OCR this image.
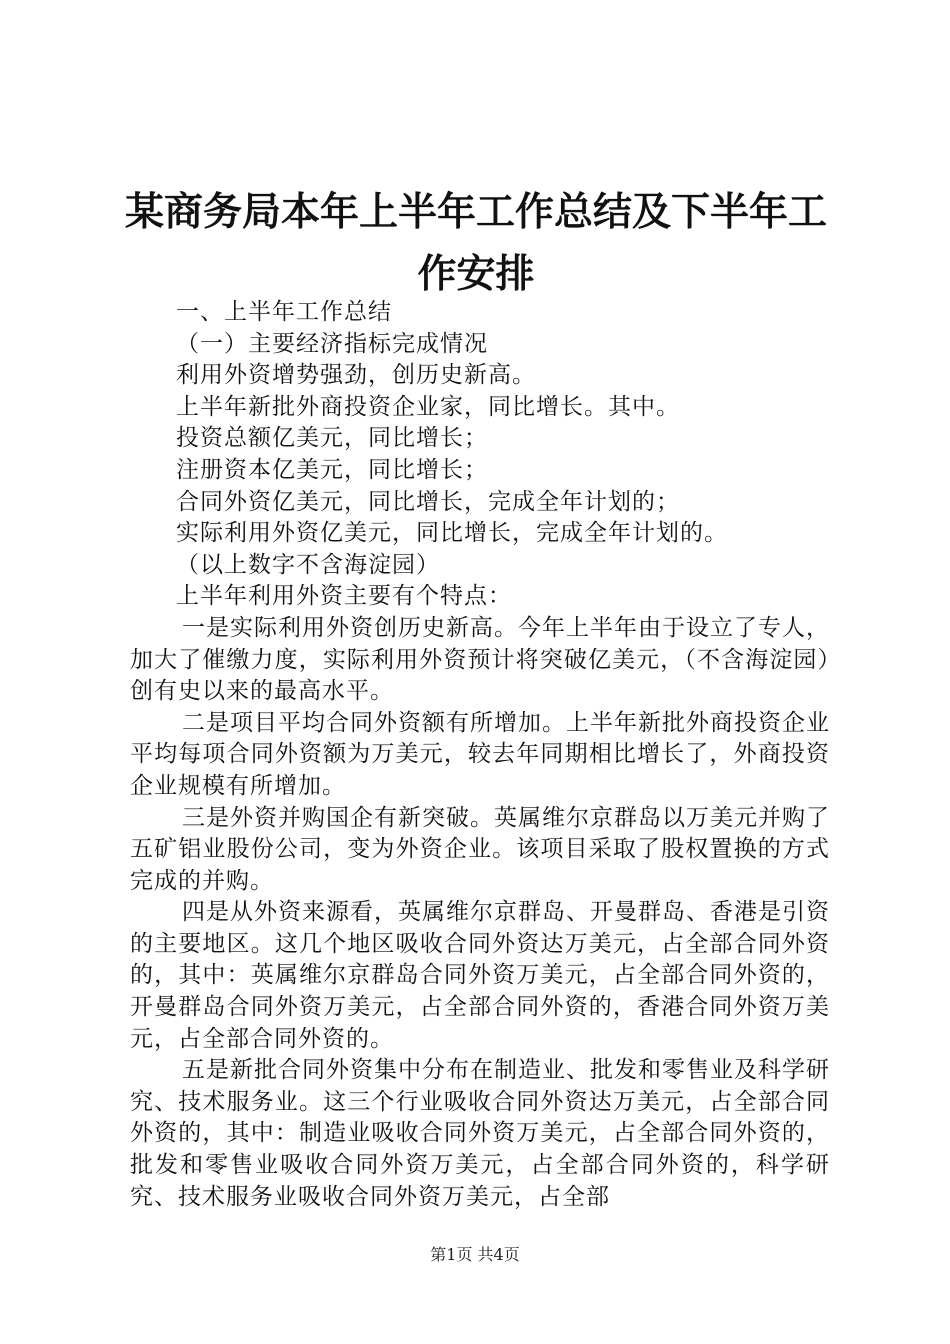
某商务局本年上半年工作总结及下半年工作安排

一、上半年工作总结

（一）主要经济指标完成情况

利用外资增势强劲，创历史新高。

上半年新批外商投资企业家，同比增长。其中。

投资总额亿美元，同比增长；

注册资本亿美元，同比增长；

合同外资亿美元，同比增长，完成全年计划的；

实际利用外资亿美元，同比增长，完成全年计划的。

（以上数字不含海淀园）

上半年利用外资主要有个特点：

一是实际利用外资创历史新高。今年上半年由于设立了专人，加大了催缴力度，实际利用外资预计将突破亿美元，（不含海淀园）创有史以来的最高水平。

二是项目平均合同外资额有所增加。上半年新批外商投资企业平均每项合同外资额为万美元，较去年同期相比增长了，外商投资企业规模有所增加。

三是外资并购国企有新突破。英属维尔京群岛以万美元并购了五矿铝业股份公司，变为外资企业。该项目采取了股权置换的方式完成的并购。

四是从外资来源看，英属维尔京群岛、开曼群岛、香港是引资的主要地区。这几个地区吸收合同外资达万美元，占全部合同外资的，其中：英属维尔京群岛合同外资万美元，占全部合同外资的，开曼群岛合同外资万美元，占全部合同外资的，香港合同外资万美元，占全部合同外资的。

五是新批合同外资集中分布在制造业、批发和零售业及科学研究、技术服务业。这三个行业吸收合同外资达万美元，占全部合同外资的，其中：制造业吸收合同外资万美元，占全部合同外资的，批发和零售业吸收合同外资万美元，占全部合同外资的，科学研究、技术服务业吸收合同外资万美元，占全部

第1页 共4页
